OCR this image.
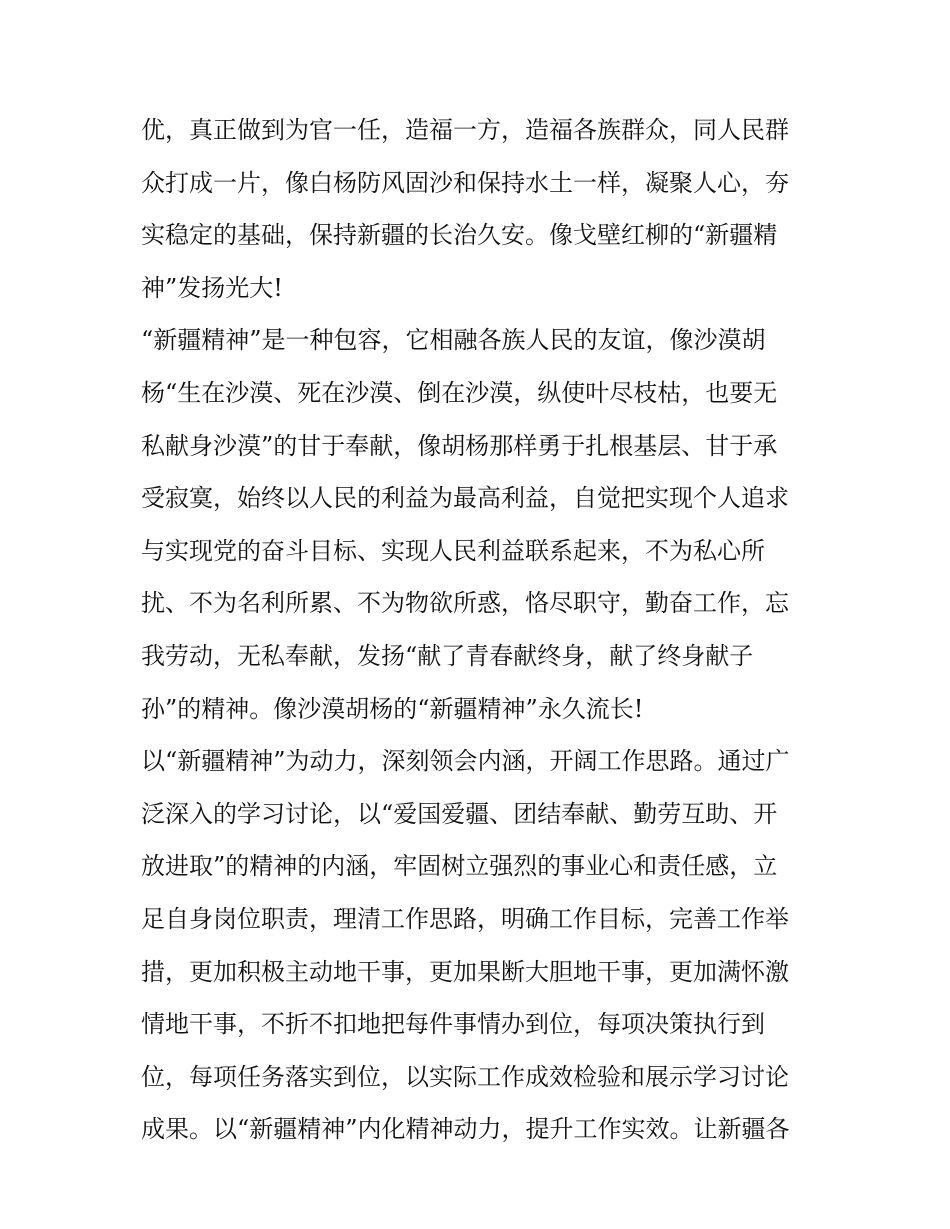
优，真正做到为官一任，造福一方，造福各族群众，同人民群
众打成一片，像白杨防风固沙和保持水土一样，凝聚人心，夯
实稳定的基础，保持新疆的长治久安。像戈壁红柳的“新疆精
神”发扬光大!
“新疆精神”是一种包容，它相融各族人民的友谊，像沙漠胡
杨“生在沙漠、死在沙漠、倒在沙漠，纵使叶尽枝枯，也要无
私献身沙漠”的甘于奉献，像胡杨那样勇于扎根基层、甘于承
受寂寞，始终以人民的利益为最高利益，自觉把实现个人追求
与实现党的奋斗目标、实现人民利益联系起来，不为私心所
扰、不为名利所累、不为物欲所惑，恪尽职守，勤奋工作，忘
我劳动，无私奉献，发扬“献了青春献终身，献了终身献子
孙”的精神。像沙漠胡杨的“新疆精神”永久流长!
以“新疆精神”为动力，深刻领会内涵，开阔工作思路。通过广
泛深入的学习讨论，以“爱国爱疆、团结奉献、勤劳互助、开
放进取”的精神的内涵，牢固树立强烈的事业心和责任感，立
足自身岗位职责，理清工作思路，明确工作目标，完善工作举
措，更加积极主动地干事，更加果断大胆地干事，更加满怀激
情地干事，不折不扣地把每件事情办到位，每项决策执行到
位，每项任务落实到位，以实际工作成效检验和展示学习讨论
成果。以“新疆精神”内化精神动力，提升工作实效。让新疆各
